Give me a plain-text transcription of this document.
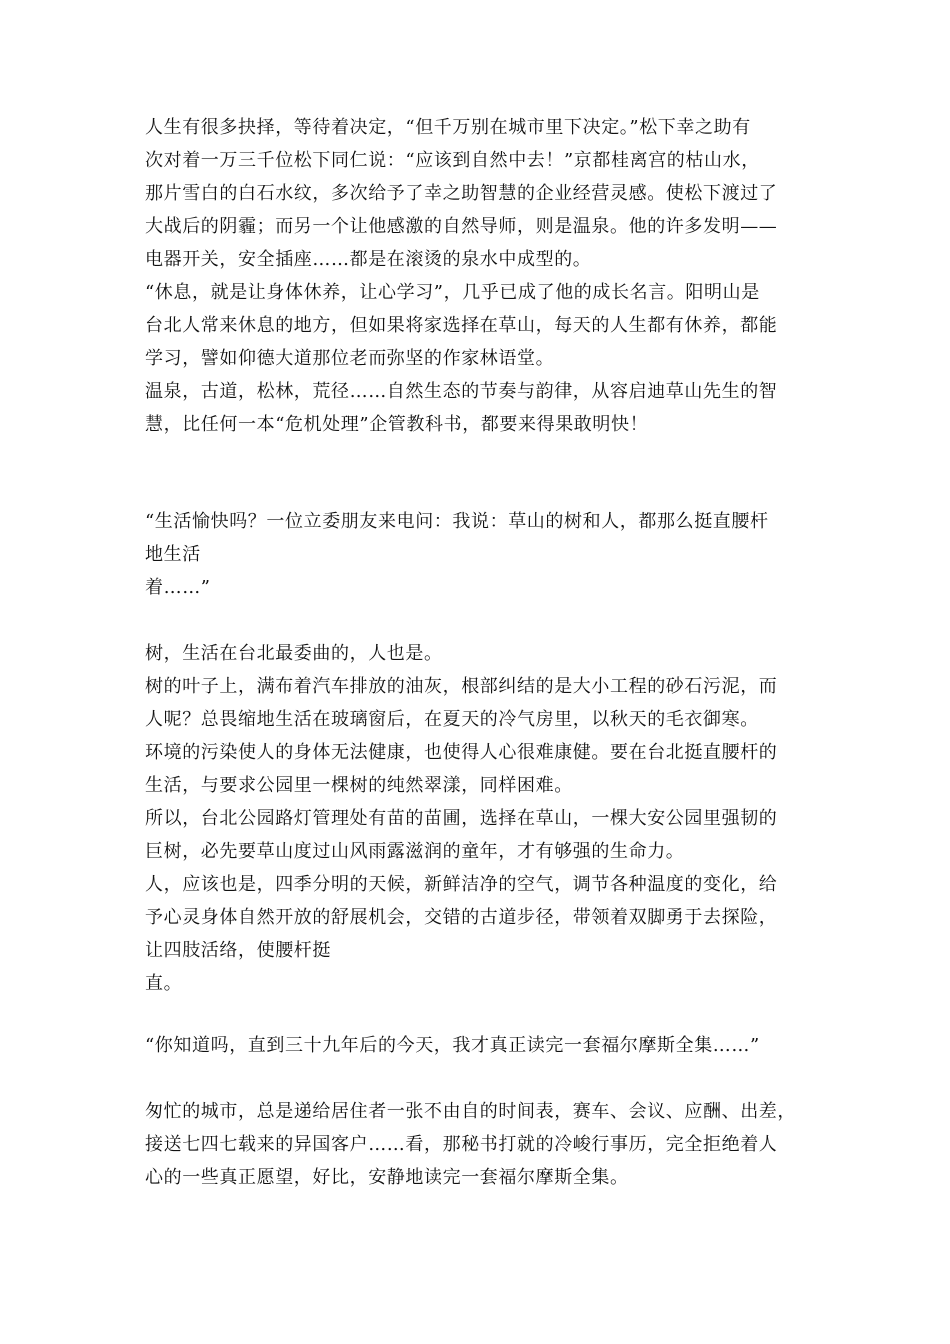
人生有很多抉择，等待着决定，“但千万别在城市里下决定。”松下幸之助有
次对着一万三千位松下同仁说：“应该到自然中去！”京都桂离宫的枯山水，
那片雪白的白石水纹，多次给予了幸之助智慧的企业经营灵感。使松下渡过了
大战后的阴霾；而另一个让他感激的自然导师，则是温泉。他的许多发明——
电器开关，安全插座……都是在滚烫的泉水中成型的。
“休息，就是让身体休养，让心学习”，几乎已成了他的成长名言。阳明山是
台北人常来休息的地方，但如果将家选择在草山，每天的人生都有休养，都能
学习，譬如仰德大道那位老而弥坚的作家林语堂。
温泉，古道，松林，荒径……自然生态的节奏与韵律，从容启迪草山先生的智
慧，比任何一本“危机处理”企管教科书，都要来得果敢明快！
“生活愉快吗？一位立委朋友来电问：我说：草山的树和人，都那么挺直腰杆
地生活
着……”
树，生活在台北最委曲的，人也是。
树的叶子上，满布着汽车排放的油灰，根部纠结的是大小工程的砂石污泥，而
人呢？总畏缩地生活在玻璃窗后，在夏天的冷气房里，以秋天的毛衣御寒。
环境的污染使人的身体无法健康，也使得人心很难康健。要在台北挺直腰杆的
生活，与要求公园里一棵树的纯然翠漾，同样困难。
所以，台北公园路灯管理处有苗的苗圃，选择在草山，一棵大安公园里强韧的
巨树，必先要草山度过山风雨露滋润的童年，才有够强的生命力。
人，应该也是，四季分明的天候，新鲜洁净的空气，调节各种温度的变化，给
予心灵身体自然开放的舒展机会，交错的古道步径，带领着双脚勇于去探险，
让四肢活络，使腰杆挺
直。
“你知道吗，直到三十九年后的今天，我才真正读完一套福尔摩斯全集……”
匆忙的城市，总是递给居住者一张不由自的时间表，赛车、会议、应酬、出差，
接送七四七载来的异国客户……看，那秘书打就的冷峻行事历，完全拒绝着人
心的一些真正愿望，好比，安静地读完一套福尔摩斯全集。
